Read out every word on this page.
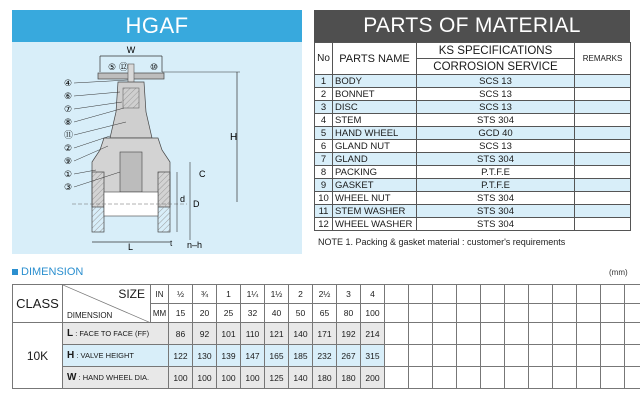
HGAF
W
⑤ ⑫ ⑩
H
d D
C
L	t n–h
④
⑥
⑦
⑧
⑪
②
⑨
①
③
PARTS OF MATERIAL
No	PARTS NAME	KS SPECIFICATIONS	REMARKS
		CORROSION SERVICE	
1	BODY	SCS 13	
2	BONNET	SCS 13	
3	DISC	SCS 13	
4	STEM	STS 304	
5	HAND WHEEL	GCD 40	
6	GLAND NUT	SCS 13	
7	GLAND	STS 304	
8	PACKING	P.T.F.E	
9	GASKET	P.T.F.E	
10	WHEEL NUT	STS 304	
11	STEM WASHER	STS 304	
12	WHEEL WASHER	STS 304	
NOTE 1. Packing & gasket material : customer's requirements
DIMENSION	(mm)
CLASS	SIZE
DIMENSION	IN	½	¾	1	1¼	1½	2	2½	3	4											
		MM	15	20	25	32	40	50	65	80	100											
10K	L : FACE TO FACE (FF)		86	92	101	110	121	140	171	192	214											
	H : VALVE HEIGHT		122	130	139	147	165	185	232	267	315											
	W : HAND WHEEL DIA.		100	100	100	100	125	140	180	180	200											
